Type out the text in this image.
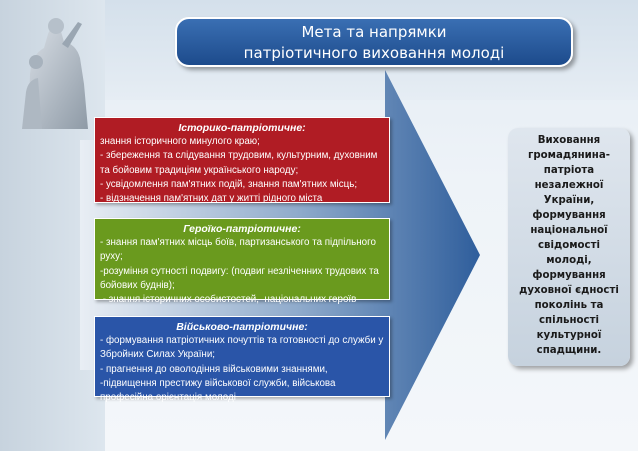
Мета та напрямки
патріотичного виховання молоді
Історико-патріотичне:
знання історичного минулого краю;
- збереження та слідування трудовим, культурним, духовним
та бойовим традиціям українського народу;
- усвідомлення пам'ятних подій, знання пам'ятних місць;
- відзначення пам'ятних дат у житті рідного міста
Героїко-патріотичне:
- знання пам'ятних місць боїв, партизанського та підпільного
руху;
-розуміння сутності подвигу: (подвиг незліченних трудових та
бойових буднів);
- знання історичних особистостей,  національних героїв
Військово-патріотичне:
- формування патріотичних почуттів та готовності до служби у
Збройних Силах України;
- прагнення до оволодіння військовими знаннями,
-підвищення престижу військової служби, військова
професійна орієнтація молоді
Виховання
громадянина-
патріота
незалежної
України,
формування
національної
свідомості
молоді,
формування
духовної єдності
поколінь та
спільності
культурної
спадщини.
